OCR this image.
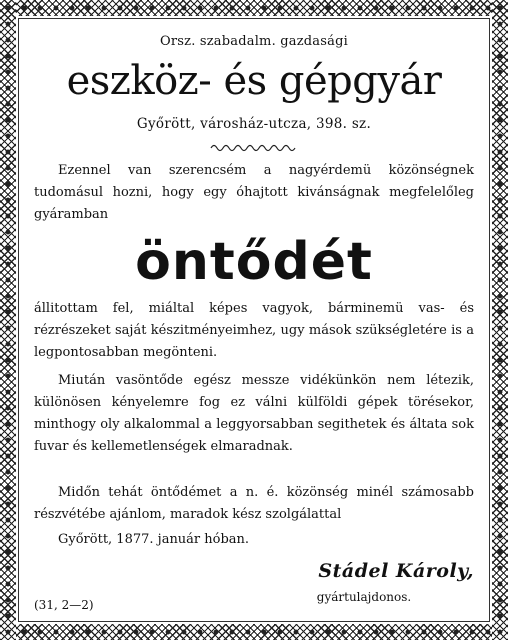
Orsz. szabadalm. gazdasági
eszköz- és gépgyár
Győrött, városház-utcza, 398. sz.
Ezennel van szerencsém a nagyérdemü közönségnek tudomásul hozni, hogy egy óhajtott kivánságnak megfelelőleg gyáramban
öntődét
állitottam fel, miáltal képes vagyok, bárminemü vas- és rézrészeket saját készitményeimhez, ugy mások szükségletére is a legpontosabban megönteni.
Miután vasöntőde egész messze vidékünkön nem létezik, különösen kényelemre fog ez válni külföldi gépek törésekor, minthogy oly alkalommal a leggyorsabban segithetek és áltata sok fuvar és kellemetlenségek elmaradnak.
Midőn tehát öntődémet a n. é. közönség minél számosabb részvétébe ajánlom, maradok kész szolgálattal
Győrött, 1877. január hóban.
Stádel Károly,
gyártulajdonos.
(31, 2—2)
